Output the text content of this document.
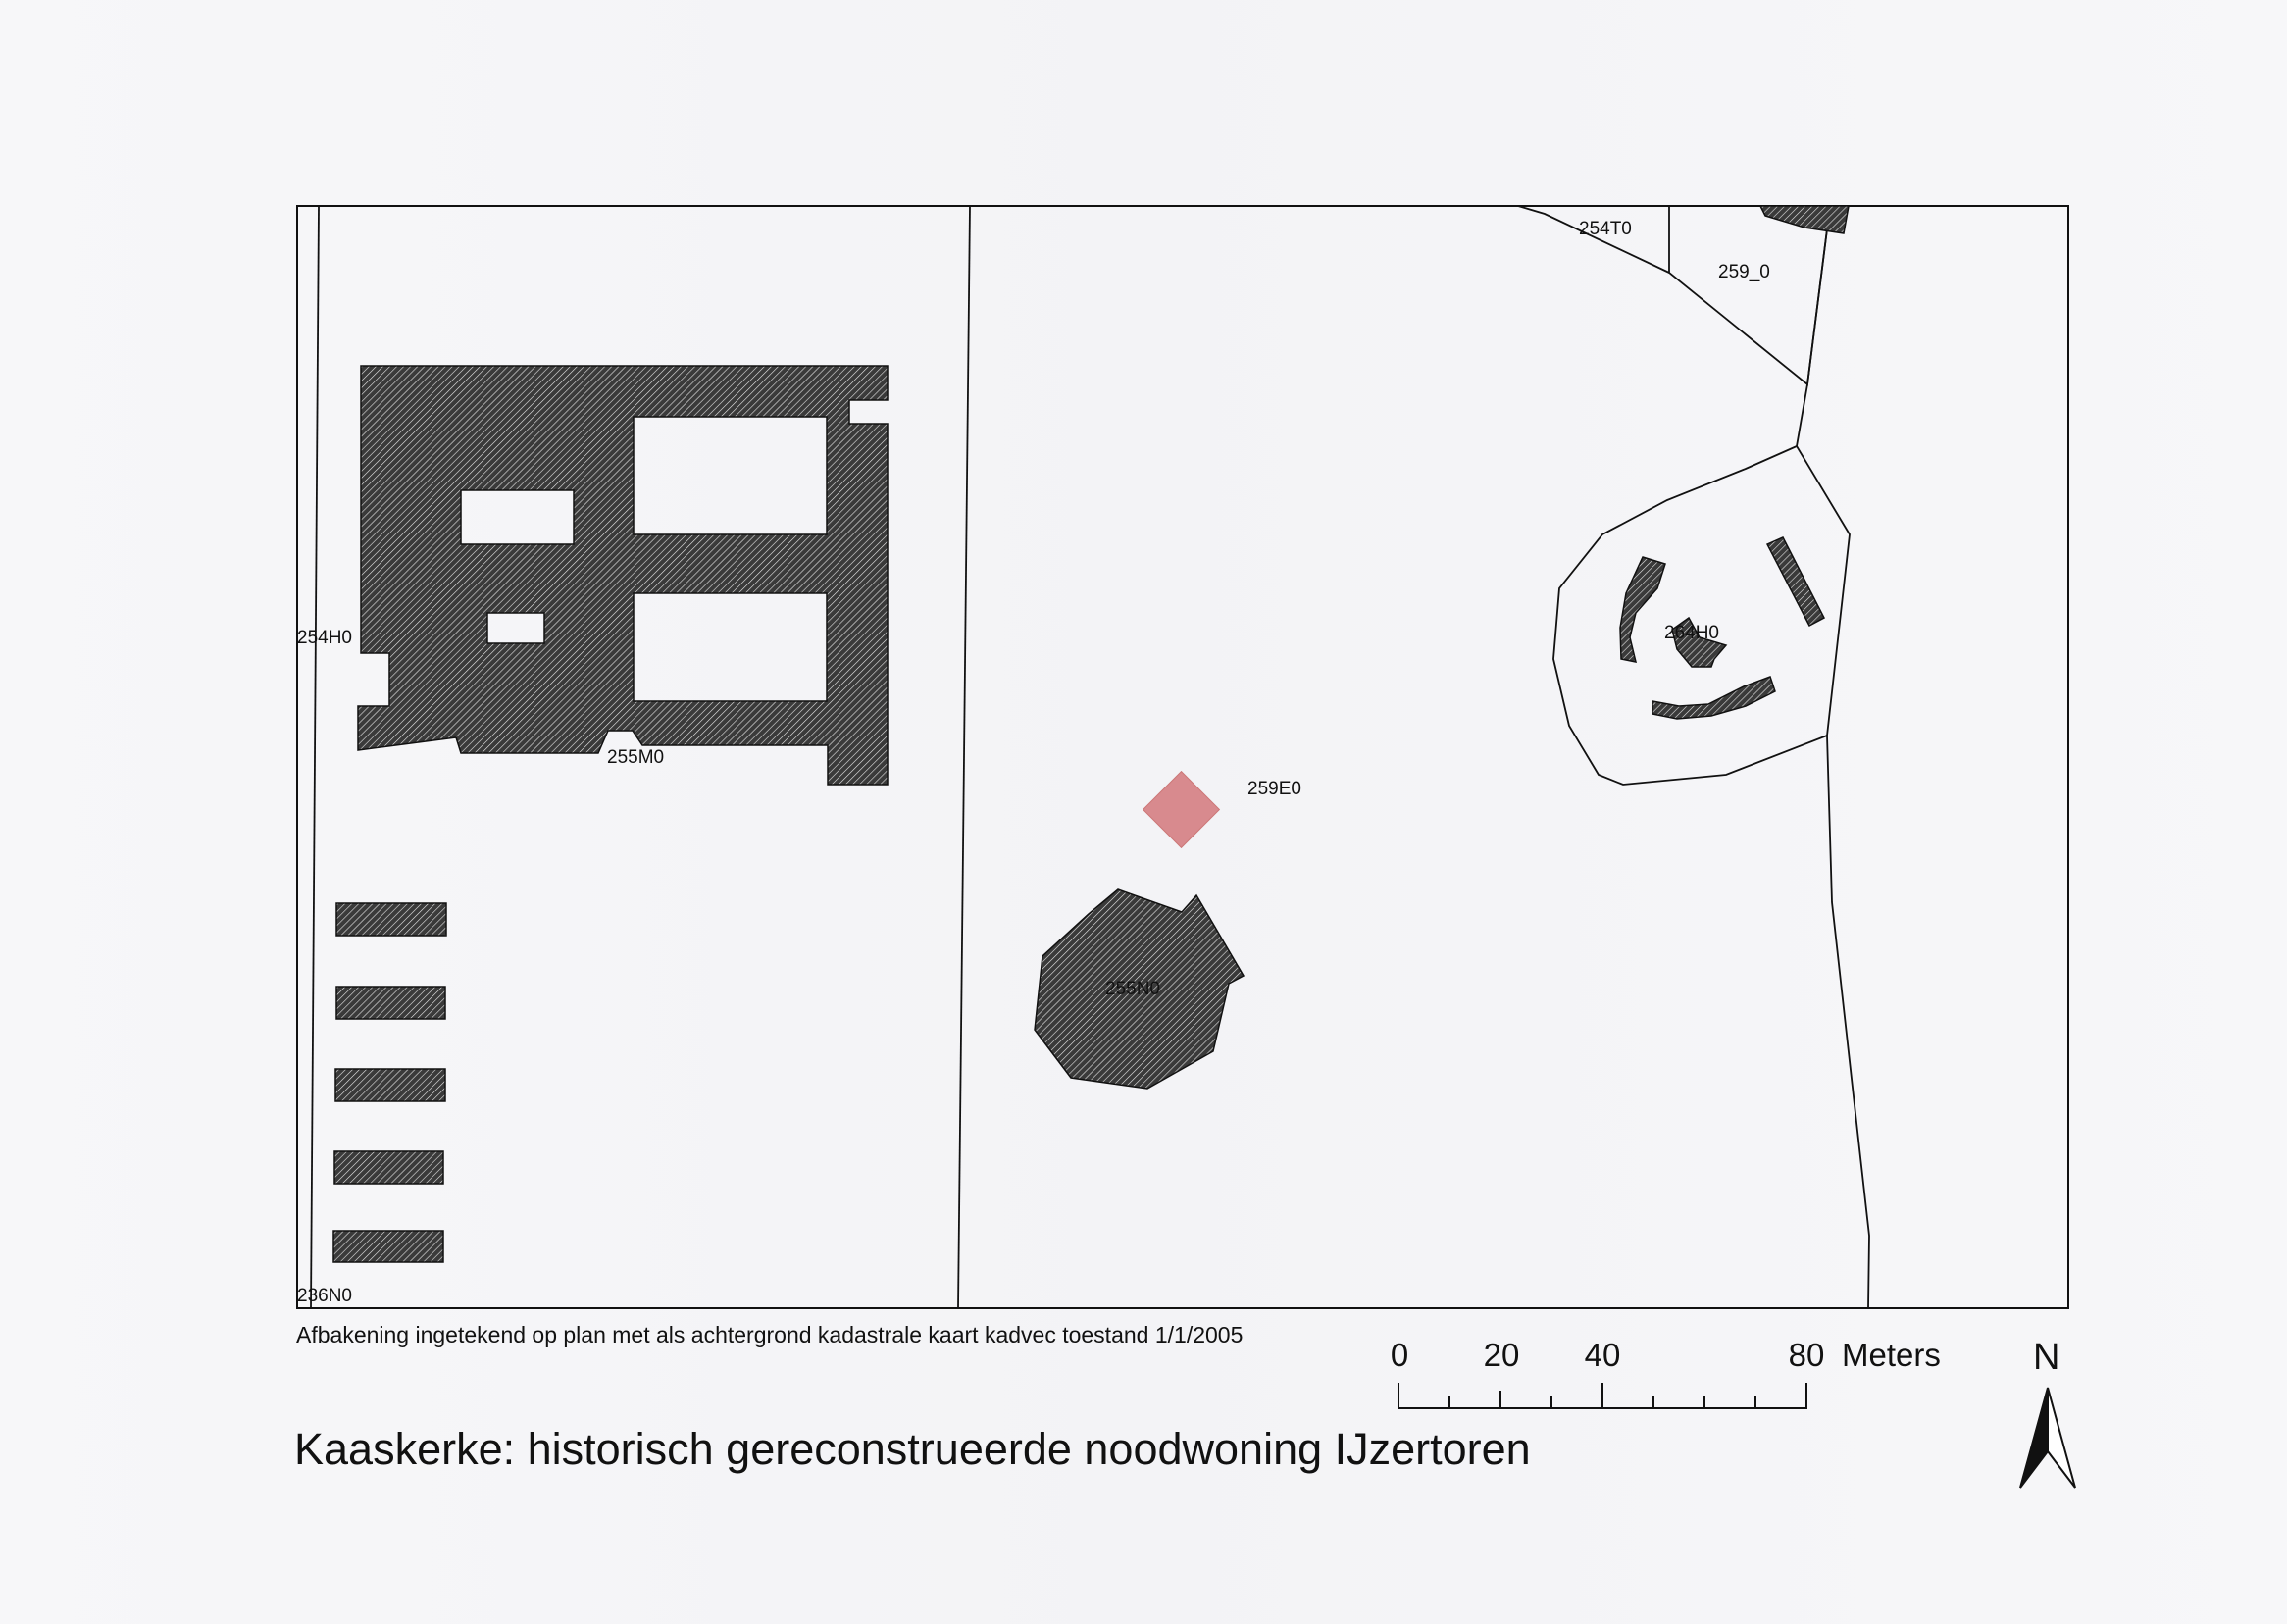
254T0
259_0
254H0
255M0
259E0
255N0
264H0
236N0
Afbakening ingetekend op plan met als achtergrond kadastrale kaart kadvec toestand 1/1/2005
Kaaskerke: historisch gereconstrueerde noodwoning IJzertoren
0 20 40	80 Meters N
